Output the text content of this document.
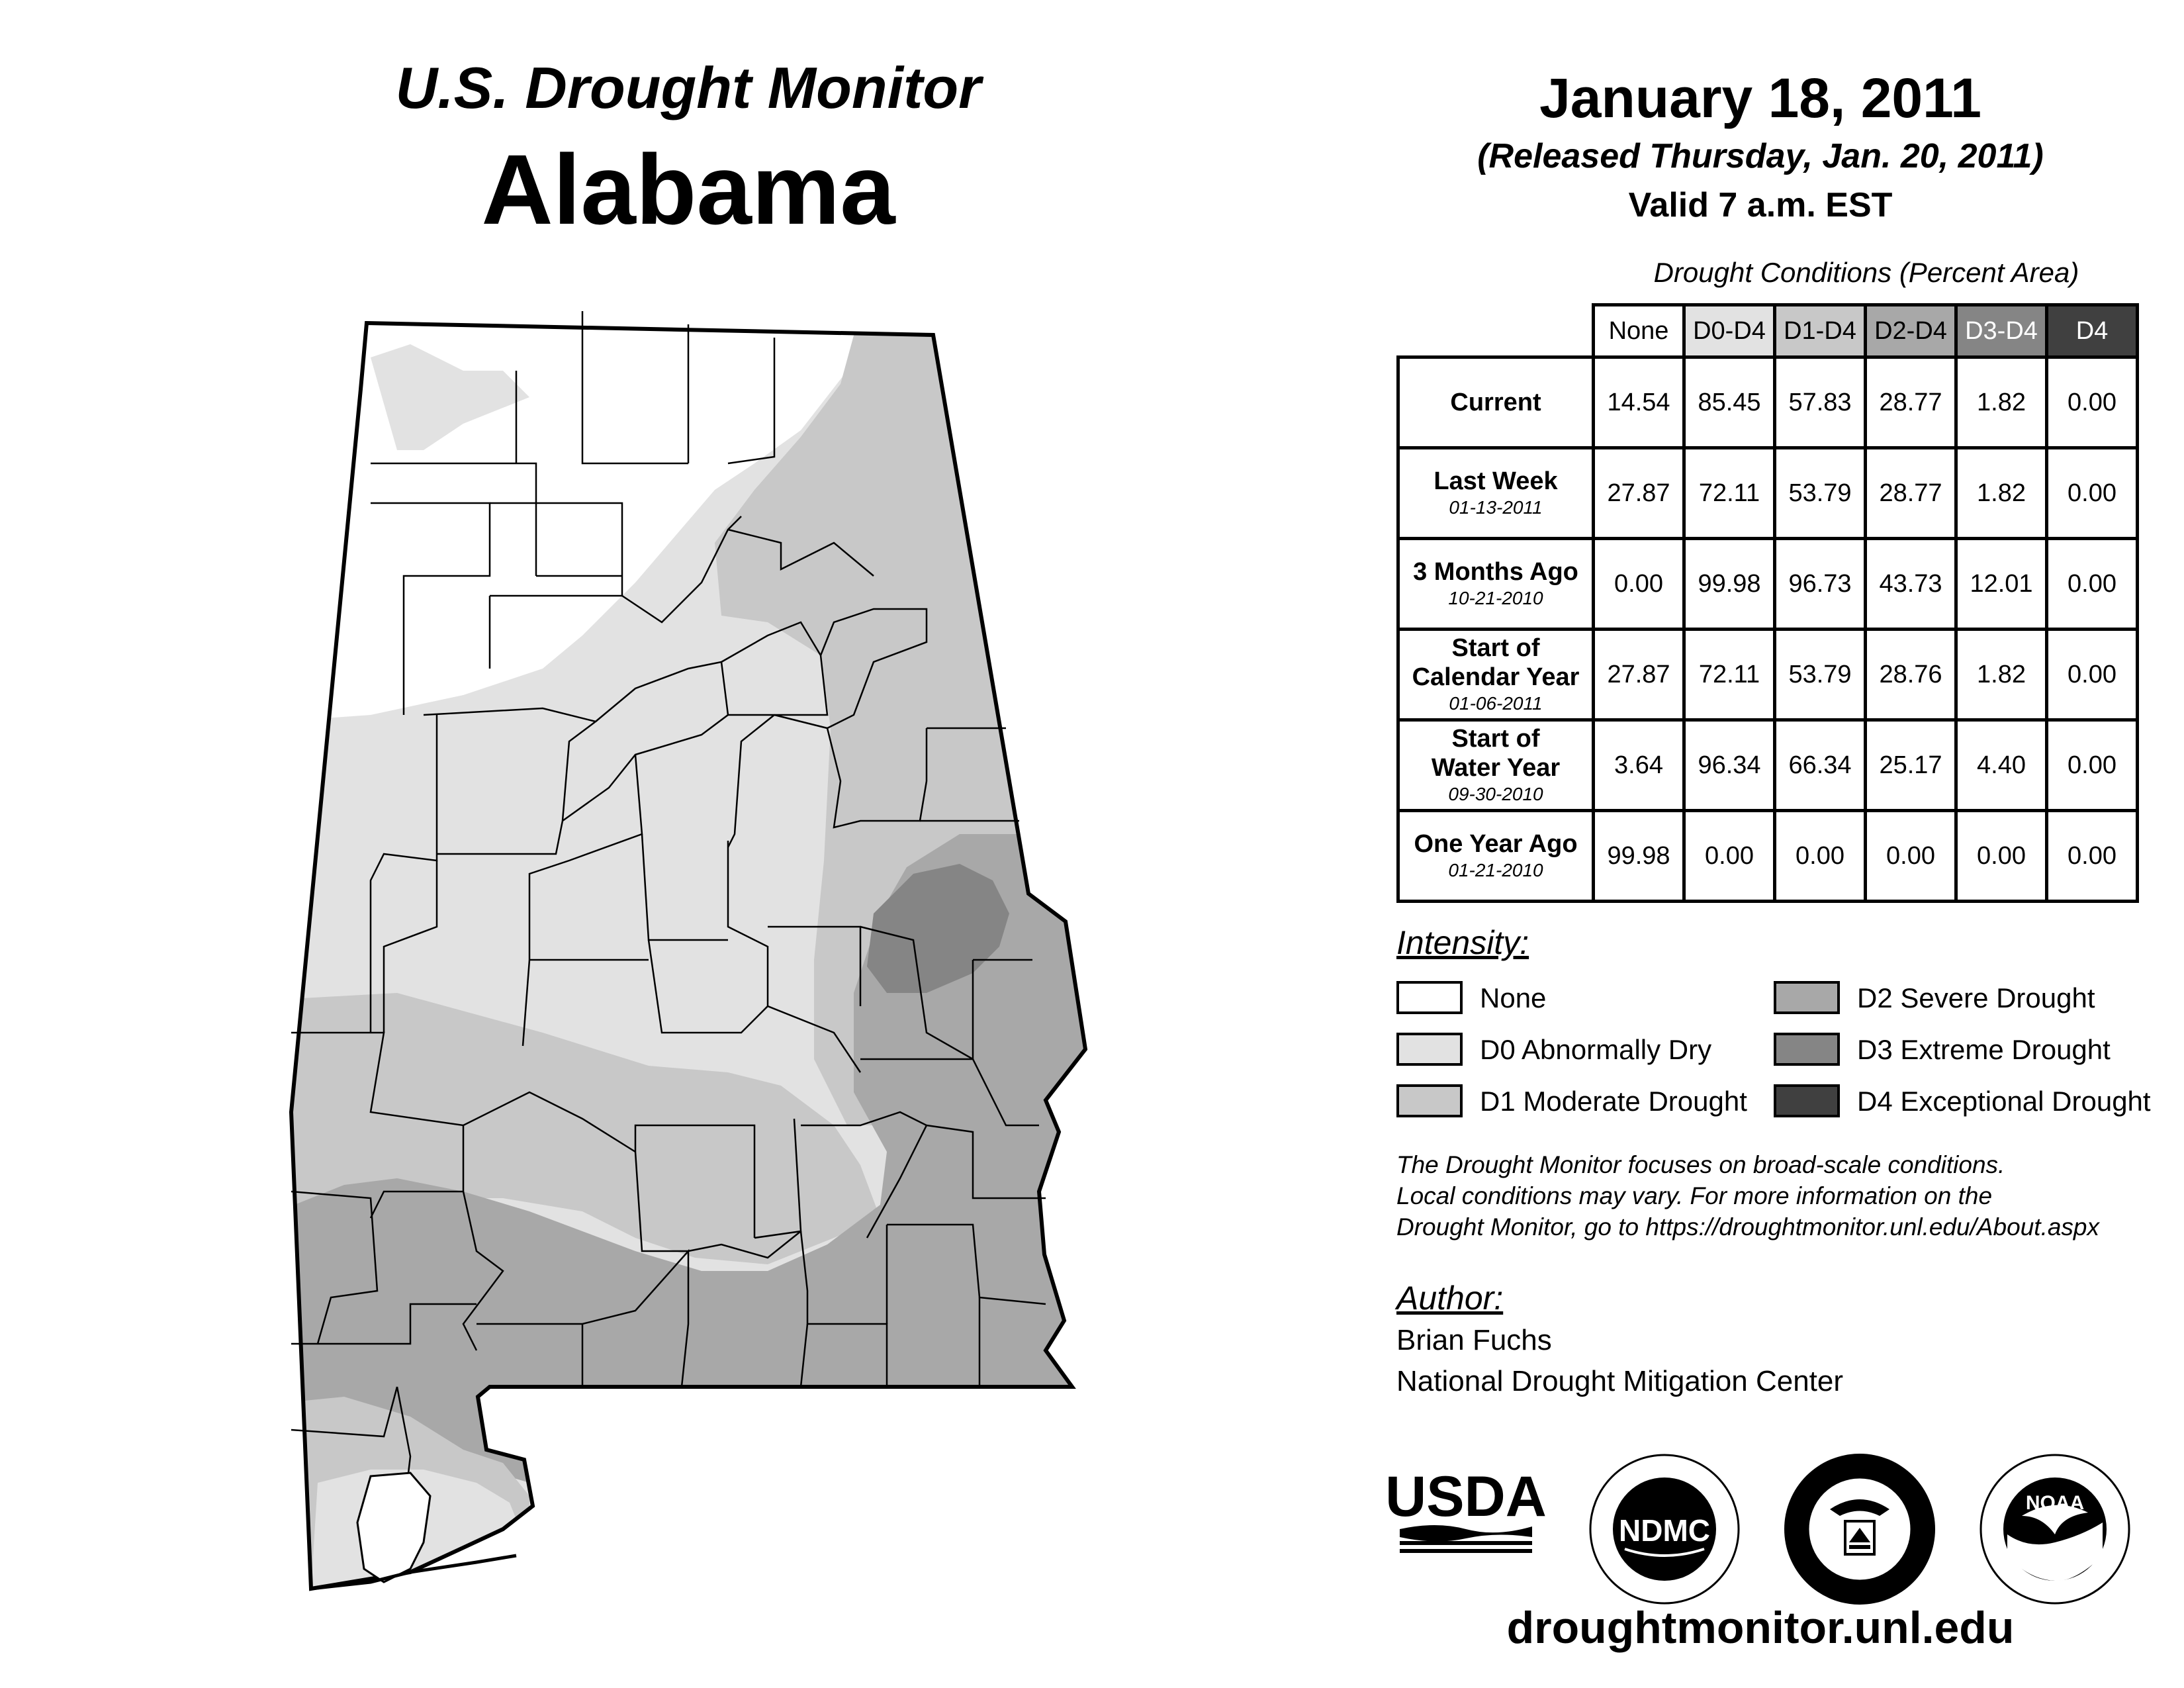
U.S. Drought Monitor
Alabama
January 18, 2011
(Released Thursday, Jan. 20, 2011)
Valid 7 a.m. EST
Drought Conditions (Percent Area)
	None	D0-D4	D1-D4	D2-D4	D3-D4	D4

Current	14.54	85.45	57.83	28.77	1.82	0.00

Last Week
01-13-2011	27.87	72.11	53.79	28.77	1.82	0.00

3 Months Ago
10-21-2010	0.00	99.98	96.73	43.73	12.01	0.00

Start of
Calendar Year
01-06-2011	27.87	72.11	53.79	28.76	1.82	0.00

Start of
Water Year
09-30-2010	3.64	96.34	66.34	25.17	4.40	0.00

One Year Ago
01-21-2010	99.98	0.00	0.00	0.00	0.00	0.00
Intensity:
None
D0 Abnormally Dry
D1 Moderate Drought
D2 Severe Drought
D3 Extreme Drought
D4 Exceptional Drought
The Drought Monitor focuses on broad-scale conditions.
Local conditions may vary. For more information on the
Drought Monitor, go to https://droughtmonitor.unl.edu/About.aspx
Author:
Brian Fuchs
National Drought Mitigation Center
USDA
NDMC
NOAA
droughtmonitor.unl.edu
